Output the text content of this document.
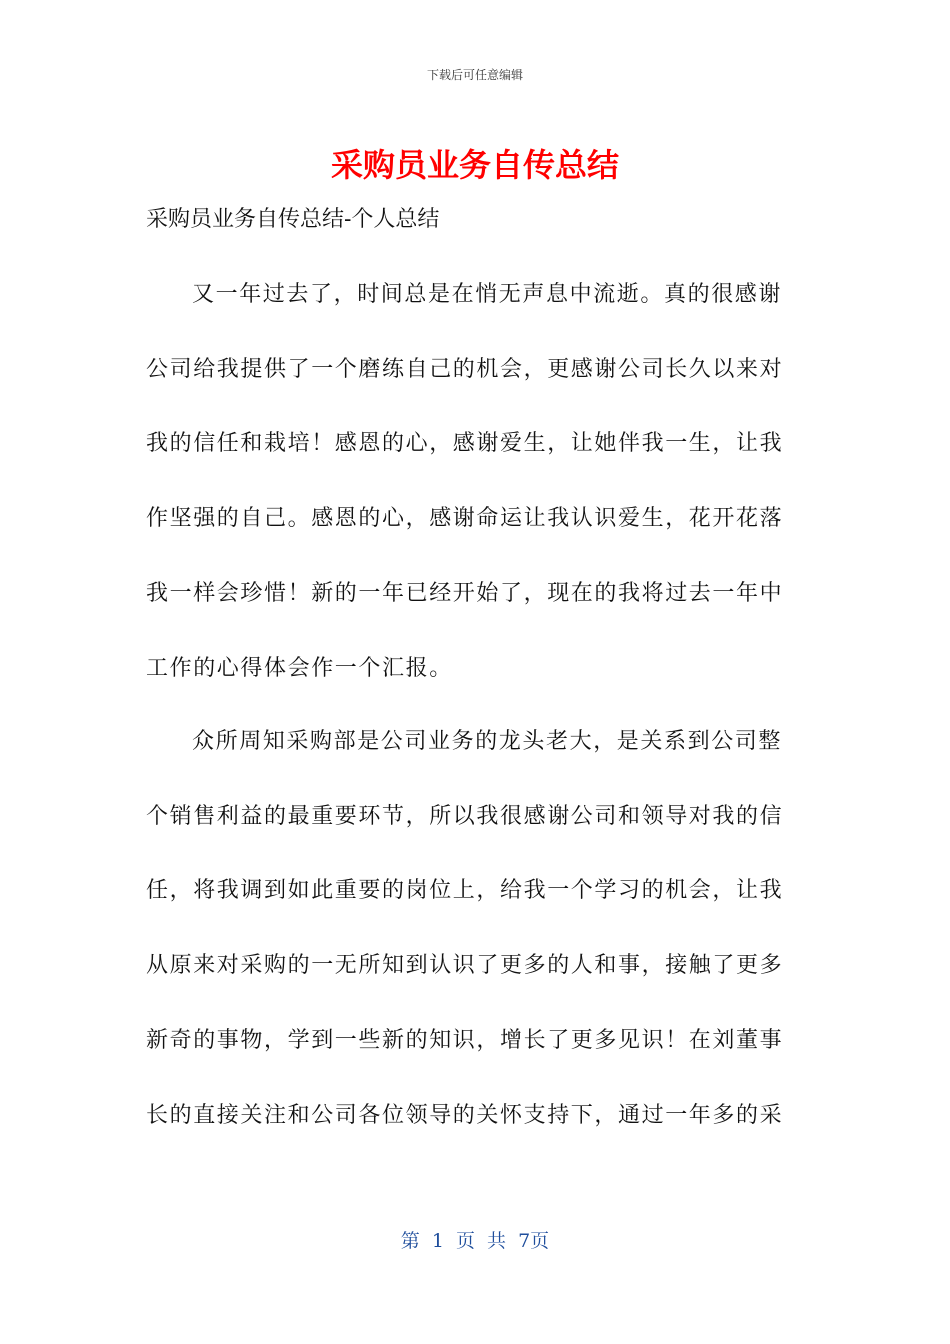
下载后可任意编辑
采购员业务自传总结

采购员业务自传总结-个人总结

又一年过去了，时间总是在悄无声息中流逝。真的很感谢
公司给我提供了一个磨练自己的机会，更感谢公司长久以来对
我的信任和栽培！感恩的心，感谢爱生，让她伴我一生，让我
作坚强的自己。感恩的心，感谢命运让我认识爱生，花开花落
我一样会珍惜！新的一年已经开始了，现在的我将过去一年中
工作的心得体会作一个汇报。
众所周知采购部是公司业务的龙头老大，是关系到公司整
个销售利益的最重要环节，所以我很感谢公司和领导对我的信
任，将我调到如此重要的岗位上，给我一个学习的机会，让我
从原来对采购的一无所知到认识了更多的人和事，接触了更多
新奇的事物，学到一些新的知识，增长了更多见识！在刘董事
长的直接关注和公司各位领导的关怀支持下，通过一年多的采
第 1 页 共 7页
